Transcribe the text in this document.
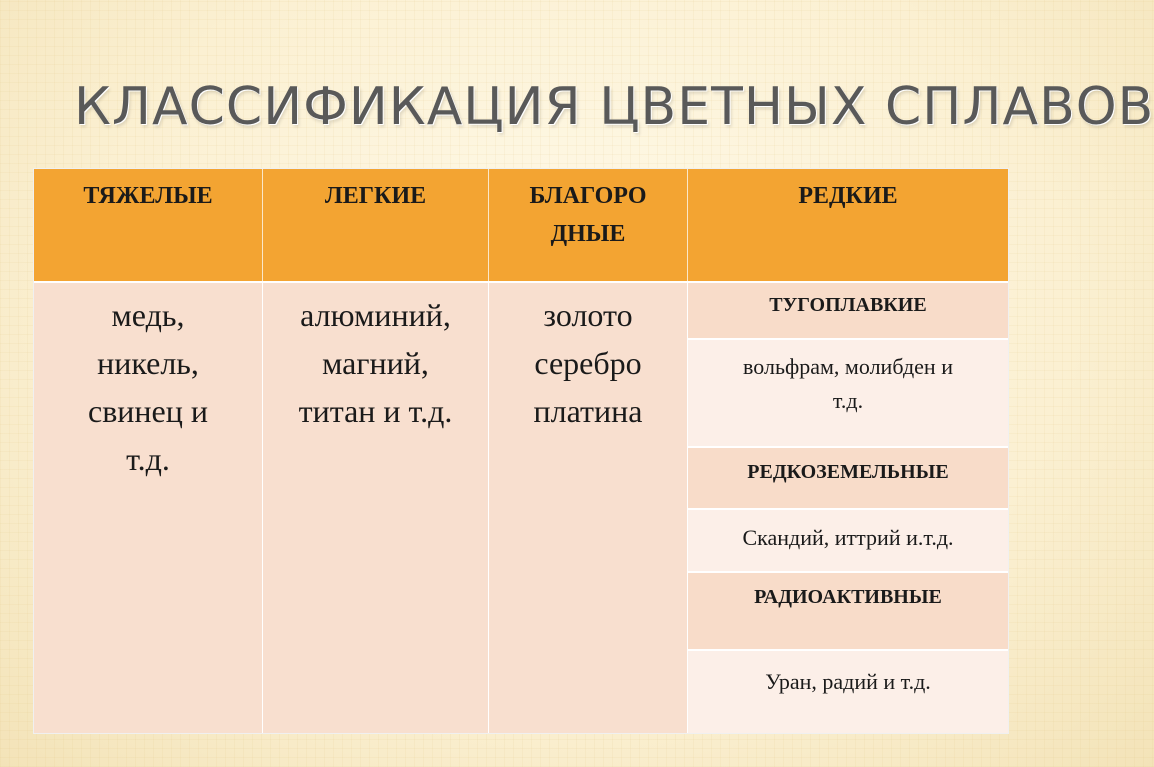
КЛАССИФИКАЦИЯ ЦВЕТНЫХ СПЛАВОВ
ТЯЖЕЛЫЕ	ЛЕГКИЕ	БЛАГОРО
ДНЫЕ
РЕДКИЕ
медь,
никель,
свинец и
т.д.
алюминий,
магний,
титан и т.д.
золото
серебро
платина
ТУГОПЛАВКИЕ
вольфрам, молибден и
т.д.
РЕДКОЗЕМЕЛЬНЫЕ
Скандий, иттрий и.т.д.
РАДИОАКТИВНЫЕ
Уран, радий и т.д.
